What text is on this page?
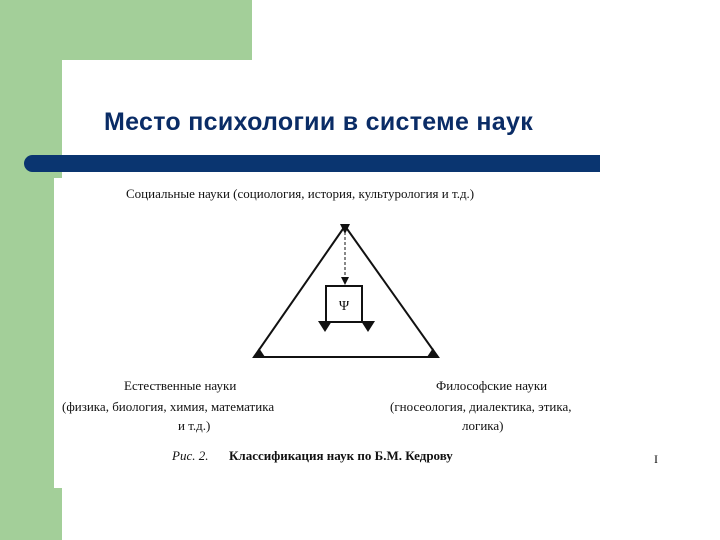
Место психологии в системе наук
Социальные науки (социология, история, культурология и т.д.)
Ψ
Естественные науки
(физика, биология, химия, математика
и т.д.)
Философские науки
(гносеология, диалектика, этика,
логика)
Рис. 2. Классификация наук по Б.М. Кедрову	I
